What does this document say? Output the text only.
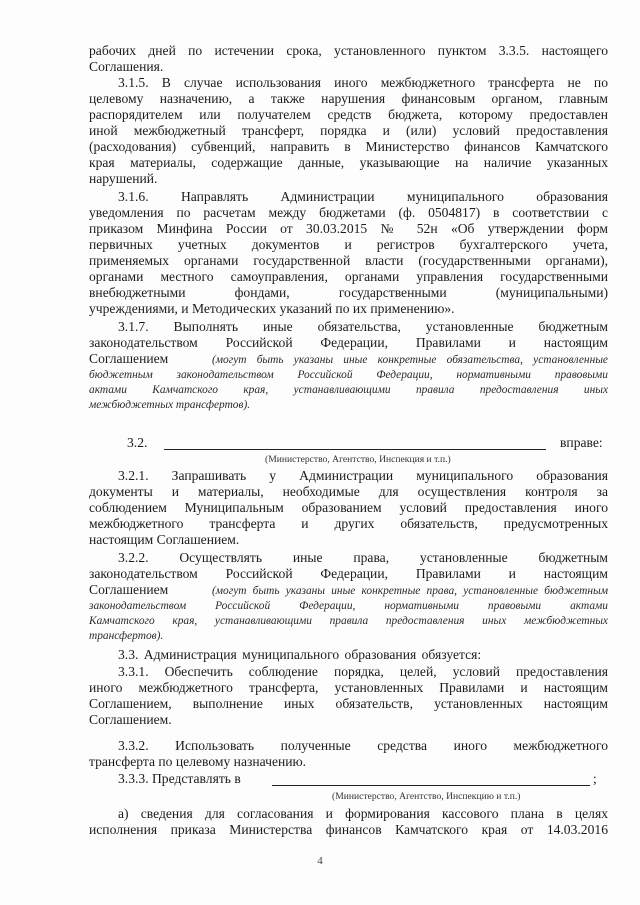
рабочих дней по истечении срока, установленного пунктом 3.3.5. настоящего
Соглашения.
3.1.5. В случае использования иного межбюджетного трансферта не по
целевому назначению, а также нарушения финансовым органом, главным
распорядителем или получателем средств бюджета, которому предоставлен
иной межбюджетный трансферт, порядка и (или) условий предоставления
(расходования) субвенций, направить в Министерство финансов Камчатского
края материалы, содержащие данные, указывающие на наличие указанных
нарушений.
3.1.6. Направлять Администрации муниципального образования
уведомления по расчетам между бюджетами (ф. 0504817) в соответствии с
приказом Минфина России от 30.03.2015 № 52н «Об утверждении форм
первичных учетных документов и регистров бухгалтерского учета,
применяемых органами государственной власти (государственными органами),
органами местного самоуправления, органами управления государственными
внебюджетными фондами, государственными (муниципальными)
учреждениями, и Методических указаний по их применению».
3.1.7. Выполнять иные обязательства, установленные бюджетным
законодательством Российской Федерации, Правилами и настоящим
Соглашением	(могут быть указаны иные конкретные обязательства, установленные
бюджетным законодательством Российской Федерации, нормативными правовыми
актами Камчатского края, устанавливающими правила предоставления иных
межбюджетных трансфертов).
3.2.	вправе:
(Министерство, Агентство, Инспекция и т.п.)
3.2.1. Запрашивать у Администрации муниципального образования
документы и материалы, необходимые для осуществления контроля за
соблюдением Муниципальным образованием условий предоставления иного
межбюджетного трансферта и других обязательств, предусмотренных
настоящим Соглашением.
3.2.2. Осуществлять иные права, установленные бюджетным
законодательством Российской Федерации, Правилами и настоящим
Соглашением	(могут быть указаны иные конкретные права, установленные бюджетным
законодательством Российской Федерации, нормативными правовыми актами
Камчатского края, устанавливающими правила предоставления иных межбюджетных
трансфертов).
3.3. Администрация муниципального образования обязуется:
3.3.1. Обеспечить соблюдение порядка, целей, условий предоставления
иного межбюджетного трансферта, установленных Правилами и настоящим
Соглашением, выполнение иных обязательств, установленных настоящим
Соглашением.
3.3.2. Использовать полученные средства иного межбюджетного
трансферта по целевому назначению.
3.3.3. Представлять в	;
(Министерство, Агентство, Инспекцию и т.п.)
а) сведения для согласования и формирования кассового плана в целях
исполнения приказа Министерства финансов Камчатского края от 14.03.2016
4
